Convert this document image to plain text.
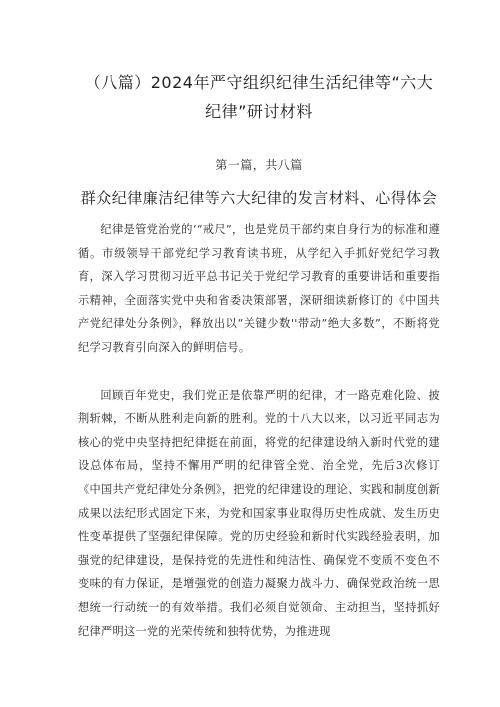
（八篇）2024年严守组织纪律生活纪律等“六大纪律”研讨材料
第一篇，共八篇
群众纪律廉洁纪律等六大纪律的发言材料、心得体会

纪律是管党治党的‘“戒尺”，也是党员干部约束自身行为的标准和遵循。市级领导干部党纪学习教育读书班，从学纪入手抓好党纪学习教育，深入学习贯彻习近平总书记关于党纪学习教育的重要讲话和重要指示精神，全面落实党中央和省委决策部署，深研细读新修订的《中国共产党纪律处分条例》，释放出以“关键少数''带动”绝大多数”，不断将党纪学习教育引向深入的鲜明信号。

回顾百年党史，我们党正是依靠严明的纪律，才一路克难化险、披荆斩棘，不断从胜利走向新的胜利。党的十八大以来，以习近平同志为核心的党中央坚持把纪律挺在前面，将党的纪律建设纳入新时代党的建设总体布局，坚持不懈用严明的纪律管全党、治全党，先后3次修订《中国共产党纪律处分条例》，把党的纪律建设的理论、实践和制度创新成果以法纪形式固定下来，为党和国家事业取得历史性成就、发生历史性变革提供了坚强纪律保障。党的历史经验和新时代实践经验表明，加强党的纪律建设，是保持党的先进性和纯洁性、确保党不变质不变色不变味的有力保证，是增强党的创造力凝聚力战斗力、确保党政治统一思想统一行动统一的有效举措。我们必须自觉领命、主动担当，坚持抓好纪律严明这一党的光荣传统和独特优势，为推进现
